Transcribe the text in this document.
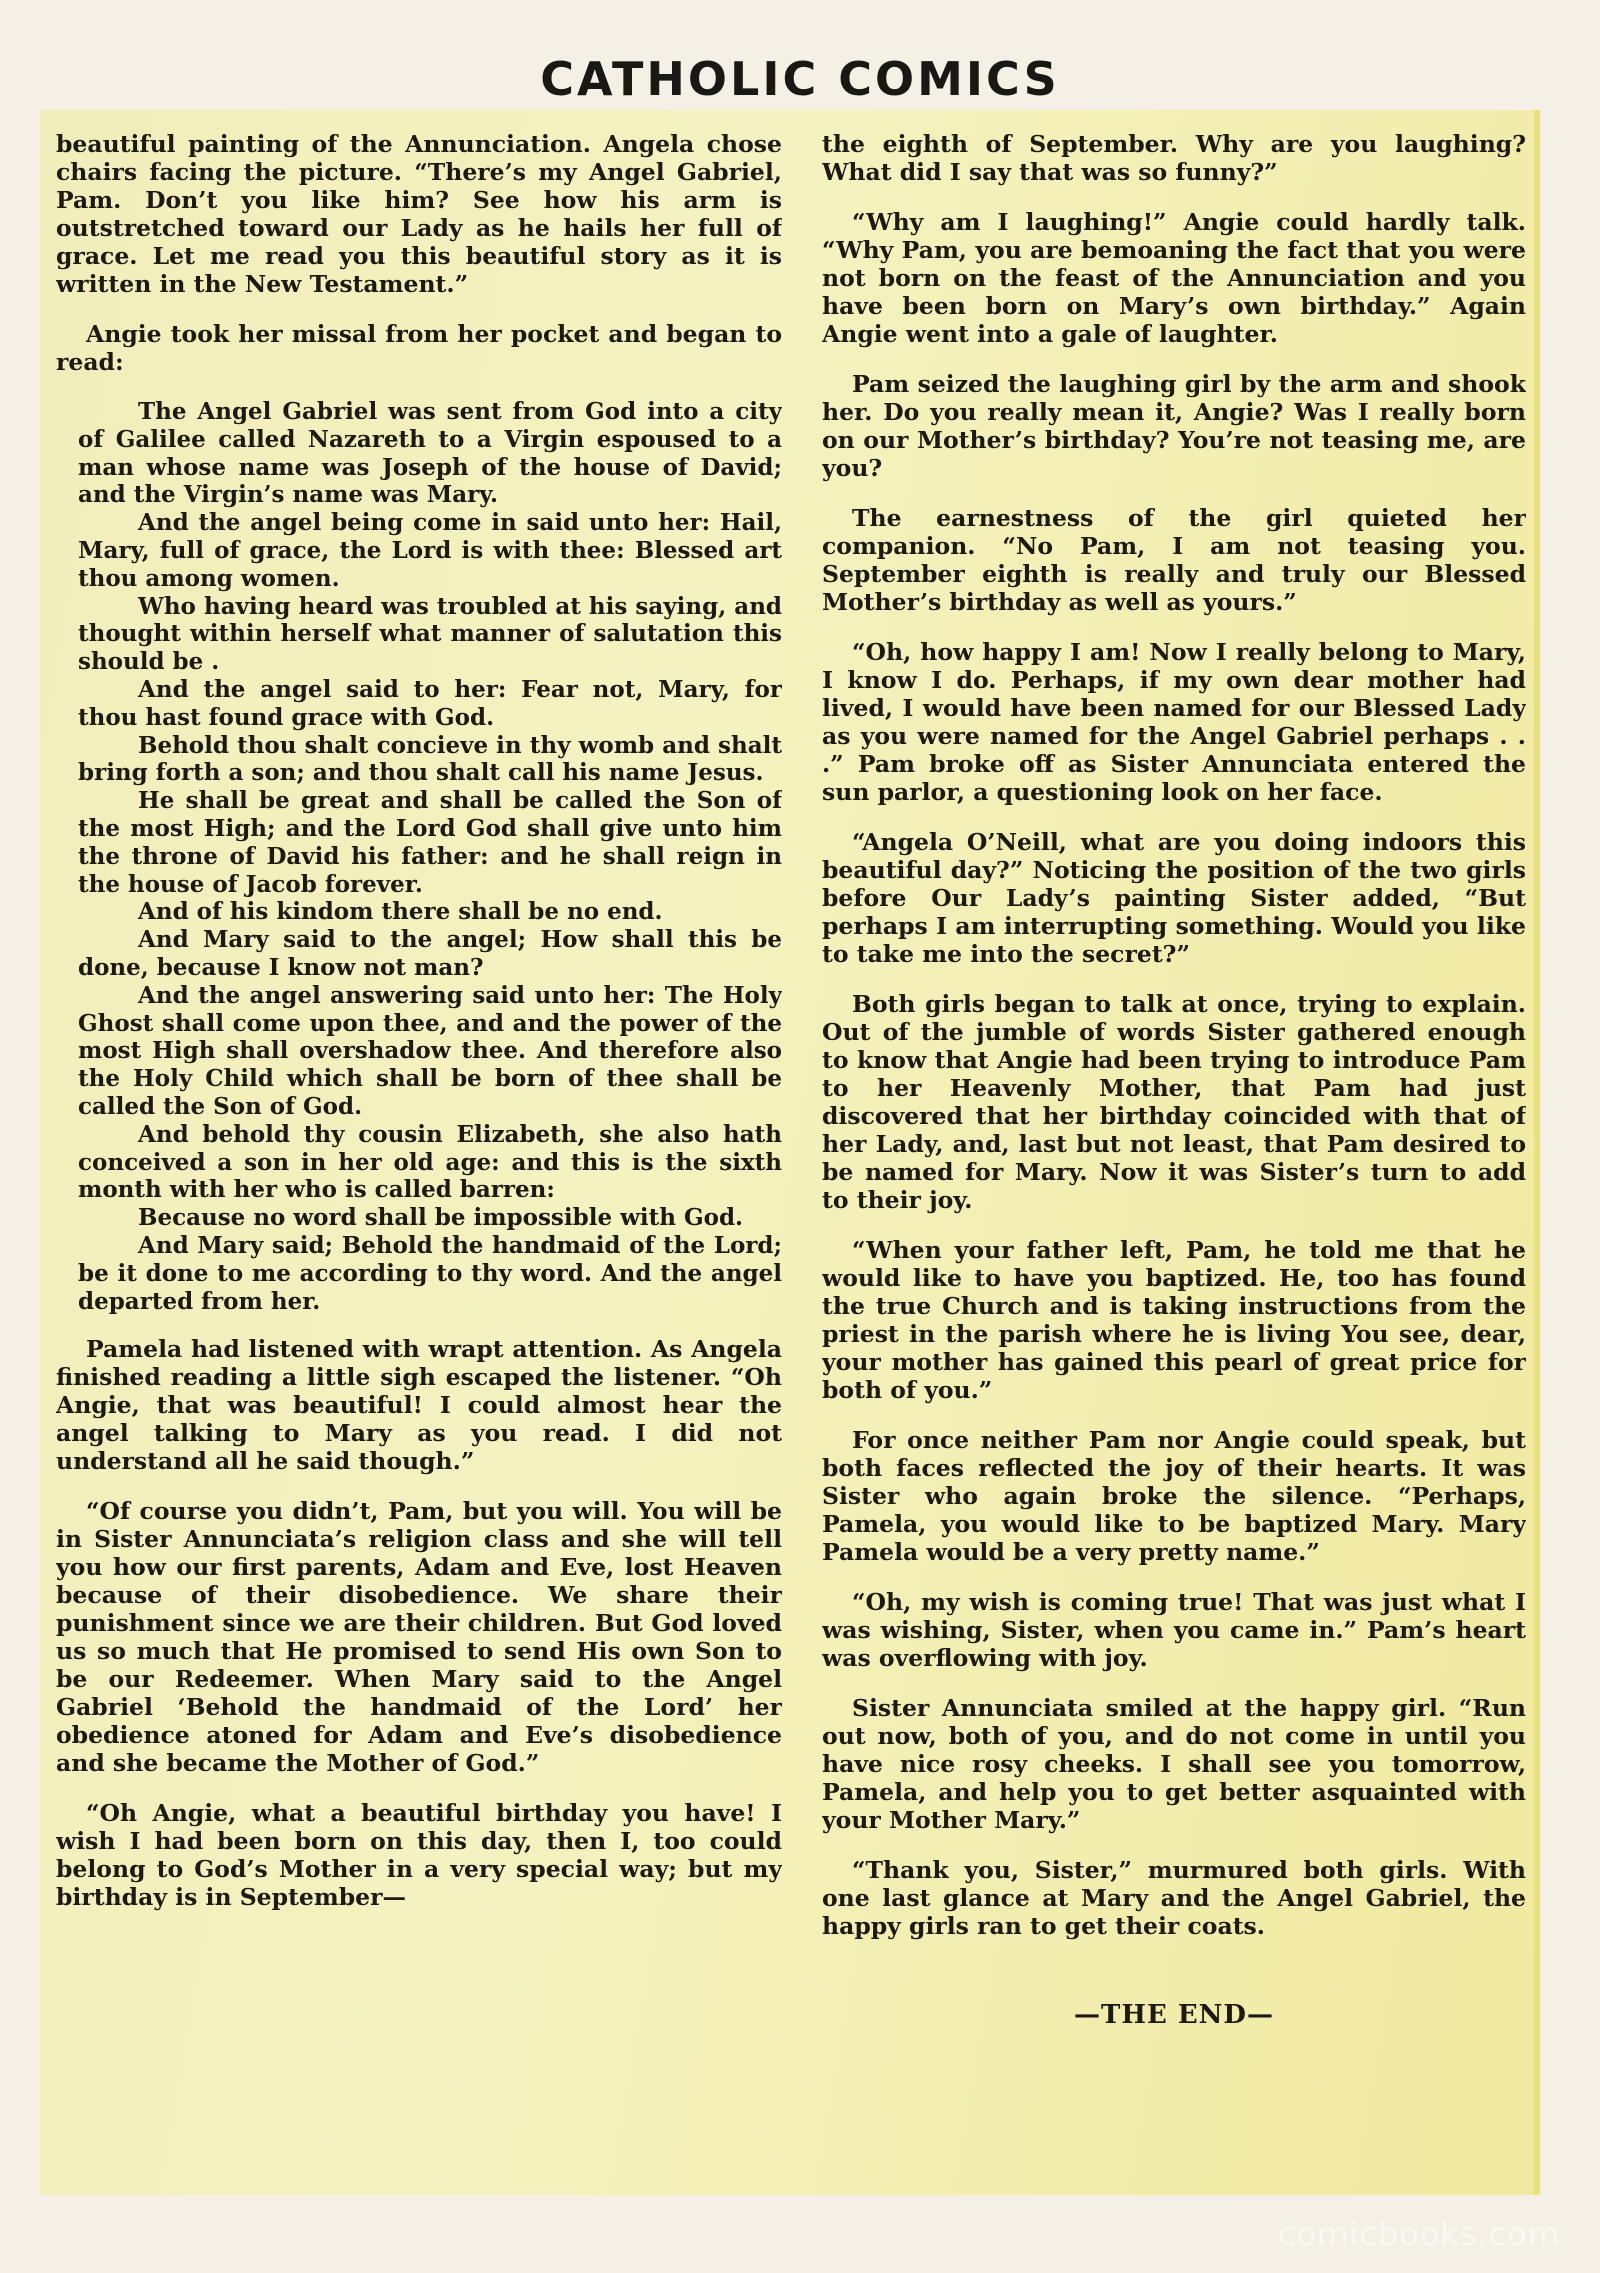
CATHOLIC COMICS

beautiful painting of the Annunciation. Angela chose chairs facing the picture. “There’s my Angel Gabriel, Pam. Don’t you like him? See how his arm is outstretched toward our Lady as he hails her full of grace. Let me read you this beautiful story as it is written in the New Testament.”

Angie took her missal from her pocket and began to read:

The Angel Gabriel was sent from God into a city of Galilee called Nazareth to a Virgin espoused to a man whose name was Joseph of the house of David; and the Virgin’s name was Mary.

And the angel being come in said unto her: Hail, Mary, full of grace, the Lord is with thee: Blessed art thou among women.

Who having heard was troubled at his saying, and thought within herself what manner of salutation this should be .

And the angel said to her: Fear not, Mary, for thou hast found grace with God.

Behold thou shalt concieve in thy womb and shalt bring forth a son; and thou shalt call his name Jesus.

He shall be great and shall be called the Son of the most High; and the Lord God shall give unto him the throne of David his father: and he shall reign in the house of Jacob forever.

And of his kindom there shall be no end.

And Mary said to the angel; How shall this be done, because I know not man?

And the angel answering said unto her: The Holy Ghost shall come upon thee, and and the power of the most High shall overshadow thee. And therefore also the Holy Child which shall be born of thee shall be called the Son of God.

And behold thy cousin Elizabeth, she also hath conceived a son in her old age: and this is the sixth month with her who is called barren:

Because no word shall be impossible with God.

And Mary said; Behold the handmaid of the Lord; be it done to me according to thy word. And the angel departed from her.

Pamela had listened with wrapt attention. As Angela finished reading a little sigh escaped the listener. “Oh Angie, that was beautiful! I could almost hear the angel talking to Mary as you read. I did not understand all he said though.”

“Of course you didn’t, Pam, but you will. You will be in Sister Annunciata’s religion class and she will tell you how our first parents, Adam and Eve, lost Heaven because of their disobedience. We share their punishment since we are their children. But God loved us so much that He promised to send His own Son to be our Redeemer. When Mary said to the Angel Gabriel ‘Behold the handmaid of the Lord’ her obedience atoned for Adam and Eve’s disobedience and she became the Mother of God.”

“Oh Angie, what a beautiful birthday you have! I wish I had been born on this day, then I, too could belong to God’s Mother in a very special way; but my birthday is in September—

the eighth of September. Why are you laughing? What did I say that was so funny?”

“Why am I laughing!” Angie could hardly talk. “Why Pam, you are bemoaning the fact that you were not born on the feast of the Annunciation and you have been born on Mary’s own birthday.” Again Angie went into a gale of laughter.

Pam seized the laughing girl by the arm and shook her. Do you really mean it, Angie? Was I really born on our Mother’s birthday? You’re not teasing me, are you?

The earnestness of the girl quieted her companion. “No Pam, I am not teasing you. September eighth is really and truly our Blessed Mother’s birthday as well as yours.”

“Oh, how happy I am! Now I really belong to Mary, I know I do. Perhaps, if my own dear mother had lived, I would have been named for our Blessed Lady as you were named for the Angel Gabriel perhaps . . .” Pam broke off as Sister Annunciata entered the sun parlor, a questioning look on her face.

“Angela O’Neill, what are you doing indoors this beautiful day?” Noticing the position of the two girls before Our Lady’s painting Sister added, “But perhaps I am interrupting something. Would you like to take me into the secret?”

Both girls began to talk at once, trying to explain. Out of the jumble of words Sister gathered enough to know that Angie had been trying to introduce Pam to her Heavenly Mother, that Pam had just discovered that her birthday coincided with that of her Lady, and, last but not least, that Pam desired to be named for Mary. Now it was Sister’s turn to add to their joy.

“When your father left, Pam, he told me that he would like to have you baptized. He, too has found the true Church and is taking instructions from the priest in the parish where he is living You see, dear, your mother has gained this pearl of great price for both of you.”

For once neither Pam nor Angie could speak, but both faces reflected the joy of their hearts. It was Sister who again broke the silence. “Perhaps, Pamela, you would like to be baptized Mary. Mary Pamela would be a very pretty name.”

“Oh, my wish is coming true! That was just what I was wishing, Sister, when you came in.” Pam’s heart was overflowing with joy.

Sister Annunciata smiled at the happy girl. “Run out now, both of you, and do not come in until you have nice rosy cheeks. I shall see you tomorrow, Pamela, and help you to get better asquainted with your Mother Mary.”

“Thank you, Sister,” murmured both girls. With one last glance at Mary and the Angel Gabriel, the happy girls ran to get their coats.

—THE END—
comicbooks.com
